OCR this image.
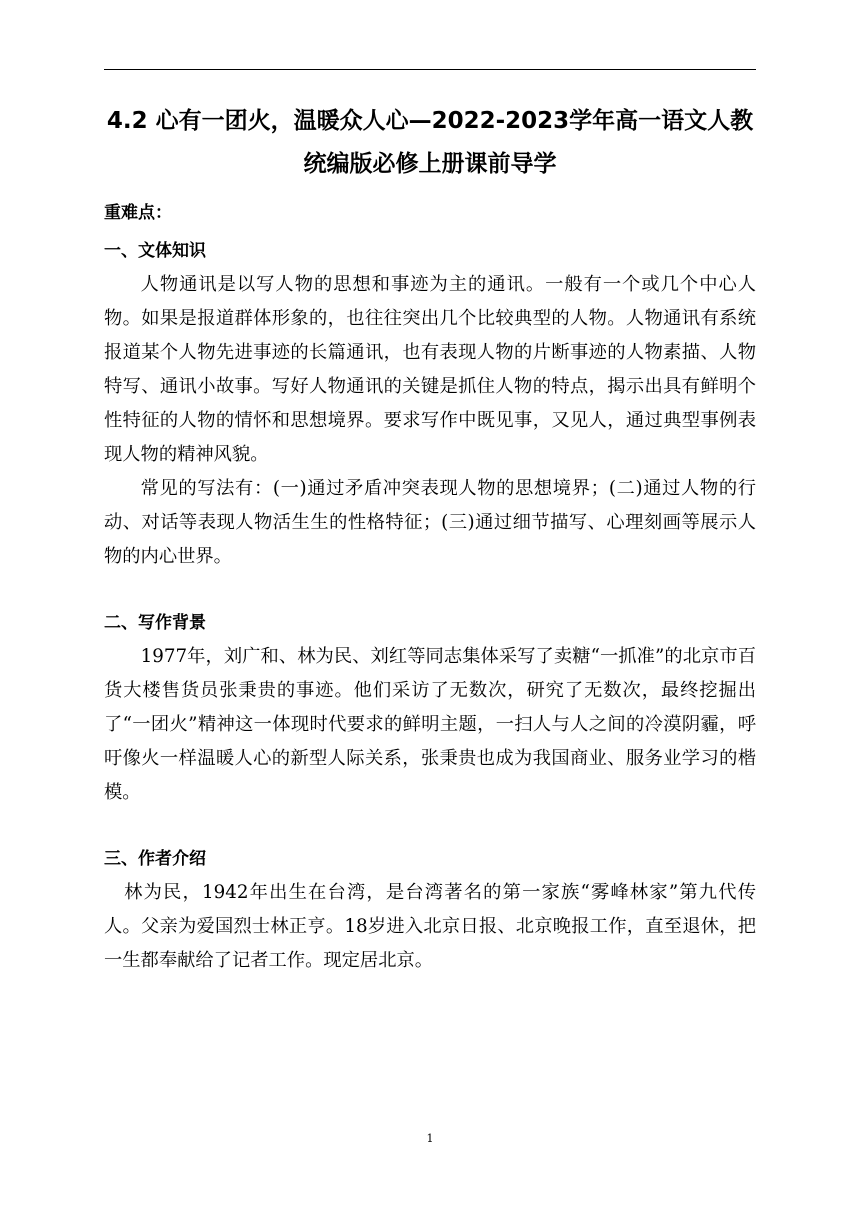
4.2 心有一团火，温暖众人心—2022-2023学年高一语文人教统编版必修上册课前导学
重难点：
一、文体知识

人物通讯是以写人物的思想和事迹为主的通讯。一般有一个或几个中心人物。如果是报道群体形象的，也往往突出几个比较典型的人物。人物通讯有系统报道某个人物先进事迹的长篇通讯，也有表现人物的片断事迹的人物素描、人物特写、通讯小故事。写好人物通讯的关键是抓住人物的特点，揭示出具有鲜明个性特征的人物的情怀和思想境界。要求写作中既见事，又见人，通过典型事例表现人物的精神风貌。

常见的写法有：(一)通过矛盾冲突表现人物的思想境界；(二)通过人物的行动、对话等表现人物活生生的性格特征；(三)通过细节描写、心理刻画等展示人物的内心世界。

二、写作背景

1977年，刘广和、林为民、刘红等同志集体采写了卖糖“一抓准”的北京市百货大楼售货员张秉贵的事迹。他们采访了无数次，研究了无数次，最终挖掘出了“一团火”精神这一体现时代要求的鲜明主题，一扫人与人之间的冷漠阴霾，呼吁像火一样温暖人心的新型人际关系，张秉贵也成为我国商业、服务业学习的楷模。

三、作者介绍

林为民，1942年出生在台湾，是台湾著名的第一家族“雾峰林家”第九代传人。父亲为爱国烈士林正亨。18岁进入北京日报、北京晚报工作，直至退休，把一生都奉献给了记者工作。现定居北京。

1
